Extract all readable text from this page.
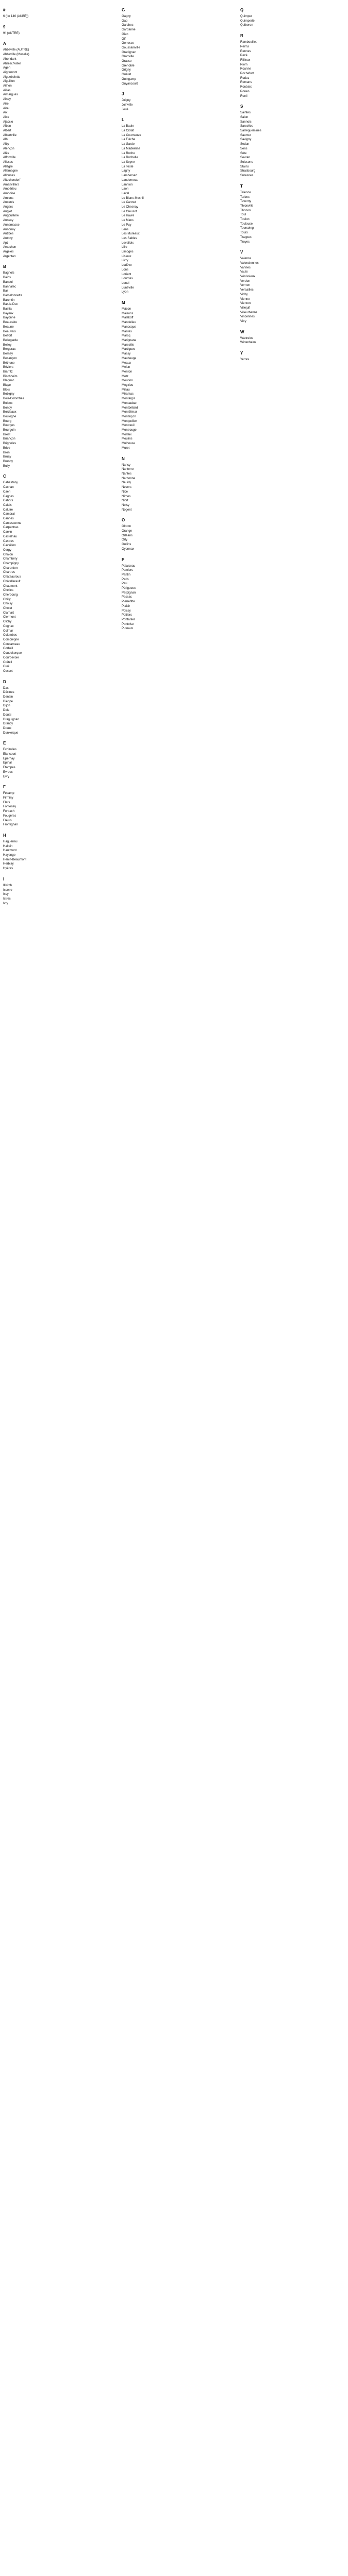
#
6 (Ile 146 (AUBE))
9
9'l (AUTRE)
A
Abbeville (AUTRE)
Abbeville (Moselle)
Abondant
Abreschviller
Agen
Aigremont
Aiguebelette
Aiguillon
Ailhon
Aillas
Aimargues
Ainay
Aire
Airel
Aix
Aixe
Ajaccio
Alban
Albert
Albertville
Albi
Alby
Alençon
Alès
Alfortville
Alissas
Allègre
Allemagne
Allonnes
Alteckendorf
Amanvillers
Ambérieu
Amboise
Amiens
Ancenis
Angers
Anglet
Angoulême
Annecy
Annemasse
Annonay
Antibes
Antony
Apt
Arcachon
Argelès
Argentan
B
Bagnols
Bains
Bandol
Bannalec
Bar
Barcelonnette
Barentin
Bar-le-Duc
Bastia
Bayeux
Bayonne
Beaucaire
Beaune
Beauvais
Belfort
Bellegarde
Belley
Bergerac
Bernay
Besançon
Béthune
Béziers
Biarritz
Bischheim
Blagnac
Blaye
Blois
Bobigny
Bois-Colombes
Bolbec
Bondy
Bordeaux
Boulogne
Bourg
Bourges
Bourgoin
Brest
Briançon
Brignoles
Brive
Bron
Bruay
Brunoy
Bully
C
Cabestany
Cachan
Caen
Cagnes
Cahors
Calais
Caluire
Cambrai
Cannes
Carcassonne
Carpentras
Carvin
Castelnau
Castres
Cavaillon
Cergy
Chalon
Chambéry
Champigny
Charenton
Chartres
Châteauroux
Châtellerault
Chaumont
Chelles
Cherbourg
Chilly
Choisy
Cholet
Clamart
Clermont
Clichy
Cognac
Colmar
Colombes
Compiègne
Concarneau
Corbeil
Coudekerque
Courbevoie
Créteil
Creil
Cusset
D
Dax
Décines
Denain
Dieppe
Dijon
Dole
Douai
Draguignan
Drancy
Dreux
Dunkerque
E
Échirolles
Élancourt
Épernay
Épinal
Étampes
Évreux
Évry
F
Fécamp
Firminy
Flers
Fontenay
Forbach
Fougères
Fréjus
Frontignan
H
Haguenau
Halluin
Hautmont
Hayange
Hénin-Beaumont
Herblay
Hyères
I
Illkirch
Issoire
Issy
Istres
Ivry
G
Gagny
Gap
Garches
Gardanne
Gien
Gif
Gonesse
Goussainville
Gradignan
Granville
Grasse
Grenoble
Grigny
Guéret
Guingamp
Guyancourt
J
Joigny
Joinville
Joué
L
La Baule
La Ciotat
La Courneuve
La Flèche
La Garde
La Madeleine
La Roche
La Rochelle
La Seyne
La Teste
Lagny
Lambersart
Landerneau
Lannion
Laon
Laval
Le Blanc-Mesnil
Le Cannet
Le Chesnay
Le Creusot
Le Havre
Le Mans
Le Puy
Lens
Les Mureaux
Les Sables
Levallois
Lille
Limoges
Lisieux
Livry
Lodève
Lons
Lorient
Lourdes
Lunel
Lunéville
Lyon
M
Mâcon
Maisons
Malakoff
Mandelieu
Manosque
Mantes
Marcq
Marignane
Marseille
Martigues
Massy
Maubeuge
Meaux
Melun
Menton
Metz
Meudon
Meyzieu
Millau
Miramas
Montargis
Montauban
Montbéliard
Montélimar
Montluçon
Montpellier
Montreuil
Montrouge
Morlaix
Moulins
Mulhouse
Muret
N
Nancy
Nanterre
Nantes
Narbonne
Neuilly
Nevers
Nice
Nîmes
Niort
Noisy
Nogent
O
Oloron
Orange
Orléans
Orly
Oullins
Oyonnax
P
Palaiseau
Pamiers
Pantin
Paris
Pau
Périgueux
Perpignan
Pessac
Pierrefitte
Plaisir
Poissy
Poitiers
Pontarlier
Pontoise
Puteaux
Q
Quimper
Quimperlé
Quiberon
R
Rambouillet
Reims
Rennes
Rezé
Rillieux
Riom
Roanne
Rochefort
Rodez
Romans
Roubaix
Rouen
Rueil
S
Saintes
Salon
Sannois
Sarcelles
Sarreguemines
Saumur
Savigny
Sedan
Sens
Sète
Sevran
Soissons
Stains
Strasbourg
Suresnes
T
Talence
Tarbes
Taverny
Thionville
Thonon
Toul
Toulon
Toulouse
Tourcoing
Tours
Trappes
Troyes
V
Valence
Valenciennes
Vannes
Vaulx
Vénissieux
Verdun
Vernon
Versailles
Vichy
Vienne
Vierzon
Villejuif
Villeurbanne
Vincennes
Vitry
W
Wattrelos
Wittenheim
Y
Yerres
